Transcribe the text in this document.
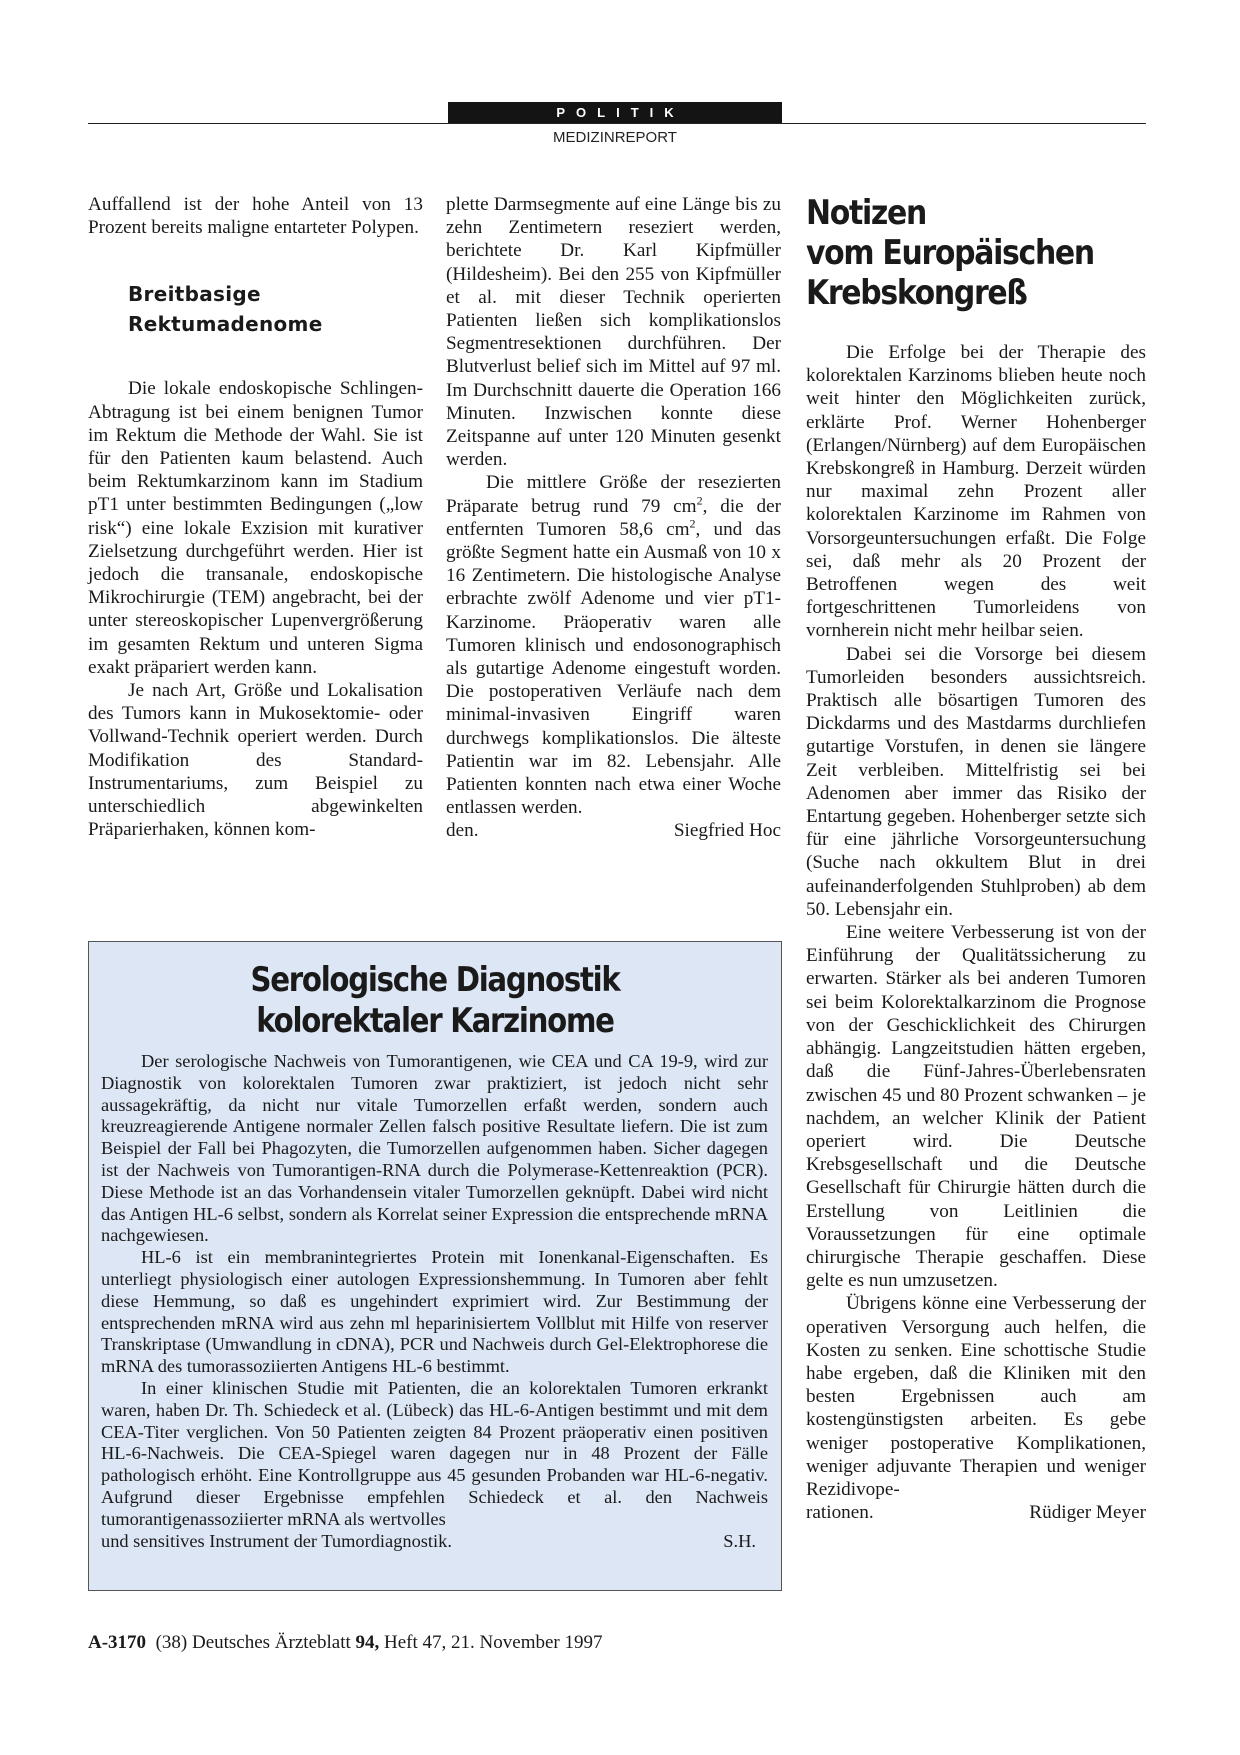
POLITIK
MEDIZINREPORT

Auffallend ist der hohe Anteil von 13 Prozent bereits maligne entarteter Polypen.

Breitbasige
Rektumadenome

Die lokale endoskopische Schlingen-Abtragung ist bei einem benignen Tumor im Rektum die Methode der Wahl. Sie ist für den Patienten kaum belastend. Auch beim Rektumkarzinom kann im Stadium pT1 unter bestimmten Bedingungen („low risk“) eine lokale Exzision mit kurativer Zielsetzung durchgeführt werden. Hier ist jedoch die transanale, endoskopische Mikrochirurgie (TEM) angebracht, bei der unter stereoskopischer Lupenvergrößerung im gesamten Rektum und unteren Sigma exakt präpariert werden kann.

Je nach Art, Größe und Lokalisation des Tumors kann in Mukosektomie- oder Vollwand-Technik operiert werden. Durch Modifikation des Standard-Instrumentariums, zum Beispiel zu unterschiedlich abgewinkelten Präparierhaken, können kom-

plette Darmsegmente auf eine Länge bis zu zehn Zentimetern reseziert werden, berichtete Dr. Karl Kipfmüller (Hildesheim). Bei den 255 von Kipfmüller et al. mit dieser Technik operierten Patienten ließen sich komplikationslos Segmentresektionen durchführen. Der Blutverlust belief sich im Mittel auf 97 ml. Im Durchschnitt dauerte die Operation 166 Minuten. Inzwischen konnte diese Zeitspanne auf unter 120 Minuten gesenkt werden.

Die mittlere Größe der resezierten Präparate betrug rund 79 $cm^2$, die der entfernten Tumoren 58,6 $cm^2$, und das größte Segment hatte ein Ausmaß von 10 x 16 Zentimetern. Die histologische Analyse erbrachte zwölf Adenome und vier pT1-Karzinome. Präoperativ waren alle Tumoren klinisch und endosonographisch als gutartige Adenome eingestuft worden. Die postoperativen Verläufe nach dem minimal-invasiven Eingriff waren durchwegs komplikationslos. Die älteste Patientin war im 82. Lebensjahr. Alle Patienten konnten nach etwa einer Woche entlassen werden.

den.	Siegfried Hoc
Notizen
vom Europäischen
Krebskongreß

Die Erfolge bei der Therapie des kolorektalen Karzinoms blieben heute noch weit hinter den Möglichkeiten zurück, erklärte Prof. Werner Hohenberger (Erlangen/Nürnberg) auf dem Europäischen Krebskongreß in Hamburg. Derzeit würden nur maximal zehn Prozent aller kolorektalen Karzinome im Rahmen von Vorsorgeuntersuchungen erfaßt. Die Folge sei, daß mehr als 20 Prozent der Betroffenen wegen des weit fortgeschrittenen Tumorleidens von vornherein nicht mehr heilbar seien.

Dabei sei die Vorsorge bei diesem Tumorleiden besonders aussichtsreich. Praktisch alle bösartigen Tumoren des Dickdarms und des Mastdarms durchliefen gutartige Vorstufen, in denen sie längere Zeit verbleiben. Mittelfristig sei bei Adenomen aber immer das Risiko der Entartung gegeben. Hohenberger setzte sich für eine jährliche Vorsorgeuntersuchung (Suche nach okkultem Blut in drei aufeinanderfolgenden Stuhlproben) ab dem 50. Lebensjahr ein.

Eine weitere Verbesserung ist von der Einführung der Qualitätssicherung zu erwarten. Stärker als bei anderen Tumoren sei beim Kolorektalkarzinom die Prognose von der Geschicklichkeit des Chirurgen abhängig. Langzeitstudien hätten ergeben, daß die Fünf-Jahres-Überlebensraten zwischen 45 und 80 Prozent schwanken – je nachdem, an welcher Klinik der Patient operiert wird. Die Deutsche Krebsgesellschaft und die Deutsche Gesellschaft für Chirurgie hätten durch die Erstellung von Leitlinien die Voraussetzungen für eine optimale chirurgische Therapie geschaffen. Diese gelte es nun umzusetzen.

Übrigens könne eine Verbesserung der operativen Versorgung auch helfen, die Kosten zu senken. Eine schottische Studie habe ergeben, daß die Kliniken mit den besten Ergebnissen auch am kostengünstigsten arbeiten. Es gebe weniger postoperative Komplikationen, weniger adjuvante Therapien und weniger Rezidivope-

rationen.	Rüdiger Meyer
Serologische Diagnostik
kolorektaler Karzinome

Der serologische Nachweis von Tumorantigenen, wie CEA und CA 19-9, wird zur Diagnostik von kolorektalen Tumoren zwar praktiziert, ist jedoch nicht sehr aussagekräftig, da nicht nur vitale Tumorzellen erfaßt werden, sondern auch kreuzreagierende Antigene normaler Zellen falsch positive Resultate liefern. Die ist zum Beispiel der Fall bei Phagozyten, die Tumorzellen aufgenommen haben. Sicher dagegen ist der Nachweis von Tumorantigen-RNA durch die Polymerase-Kettenreaktion (PCR). Diese Methode ist an das Vorhandensein vitaler Tumorzellen geknüpft. Dabei wird nicht das Antigen HL-6 selbst, sondern als Korrelat seiner Expression die entsprechende mRNA nachgewiesen.

HL-6 ist ein membranintegriertes Protein mit Ionenkanal-Eigenschaften. Es unterliegt physiologisch einer autologen Expressionshemmung. In Tumoren aber fehlt diese Hemmung, so daß es ungehindert exprimiert wird. Zur Bestimmung der entsprechenden mRNA wird aus zehn ml heparinisiertem Vollblut mit Hilfe von reserver Transkriptase (Umwandlung in cDNA), PCR und Nachweis durch Gel-Elektrophorese die mRNA des tumorassoziierten Antigens HL-6 bestimmt.

In einer klinischen Studie mit Patienten, die an kolorektalen Tumoren erkrankt waren, haben Dr. Th. Schiedeck et al. (Lübeck) das HL-6-Antigen bestimmt und mit dem CEA-Titer verglichen. Von 50 Patienten zeigten 84 Prozent präoperativ einen positiven HL-6-Nachweis. Die CEA-Spiegel waren dagegen nur in 48 Prozent der Fälle pathologisch erhöht. Eine Kontrollgruppe aus 45 gesunden Probanden war HL-6-negativ. Aufgrund dieser Ergebnisse empfehlen Schiedeck et al. den Nachweis tumorantigenassoziierter mRNA als wertvolles

und sensitives Instrument der Tumordiagnostik.	S.H.
A-3170 (38) Deutsches Ärzteblatt 94, Heft 47, 21. November 1997
